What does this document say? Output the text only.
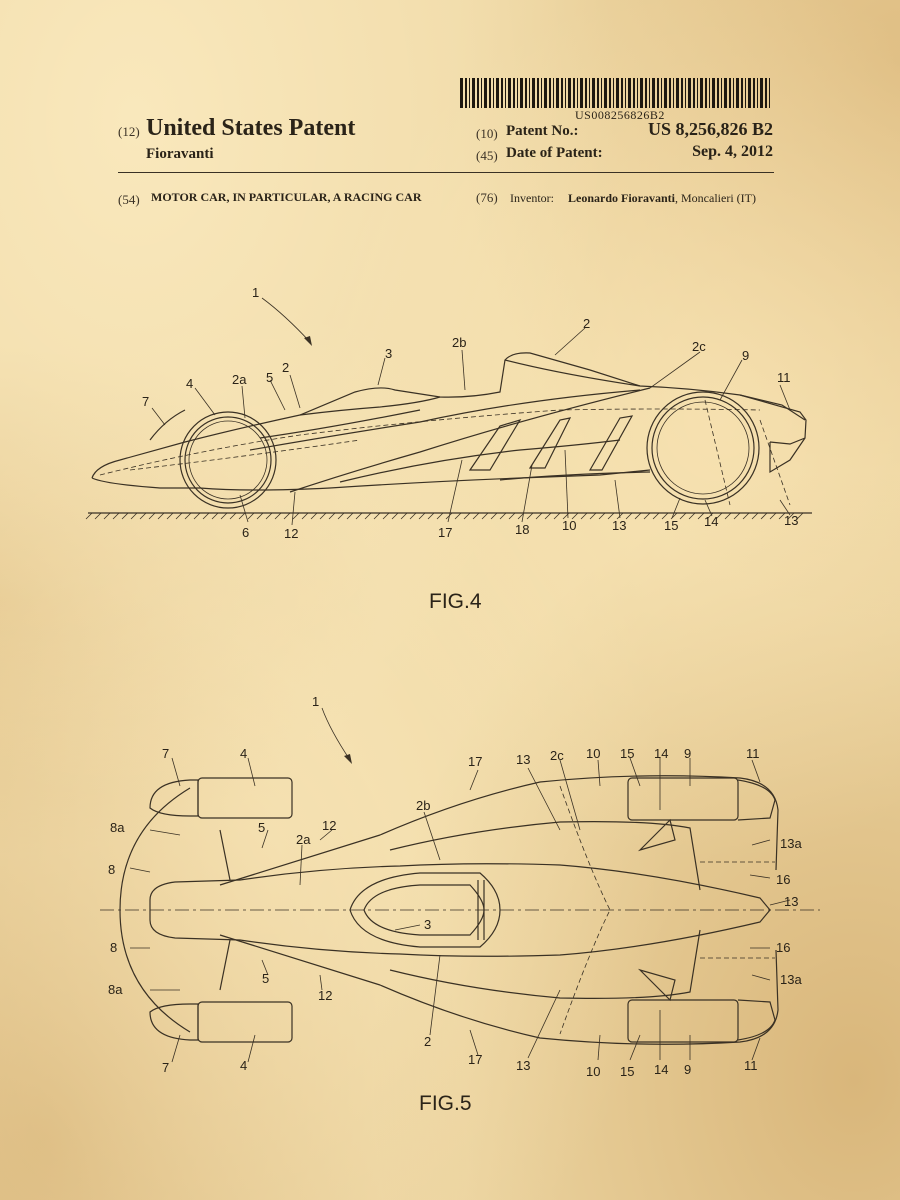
US008256826B2
(12) United States Patent
Fioravanti
(10) Patent No.:	US 8,256,826 B2
(45) Date of Patent:	Sep. 4, 2012
(54) MOTOR CAR, IN PARTICULAR, A RACING CAR	(76) Inventor: Leonardo Fioravanti, Moncalieri (IT)
1
2
2b	2c
3
4	2a 5
2
7
9
11
6	12	17	18	10	13	15 14	13
FIG.4
1
7	4
17	13 2c 10 15 14 9	11
2b
8a	12
5
2a	13a
8
16
13
3
8	16
5	13a
12
8a
2
7	4	17	13	10 15 14 9	11
FIG.5
